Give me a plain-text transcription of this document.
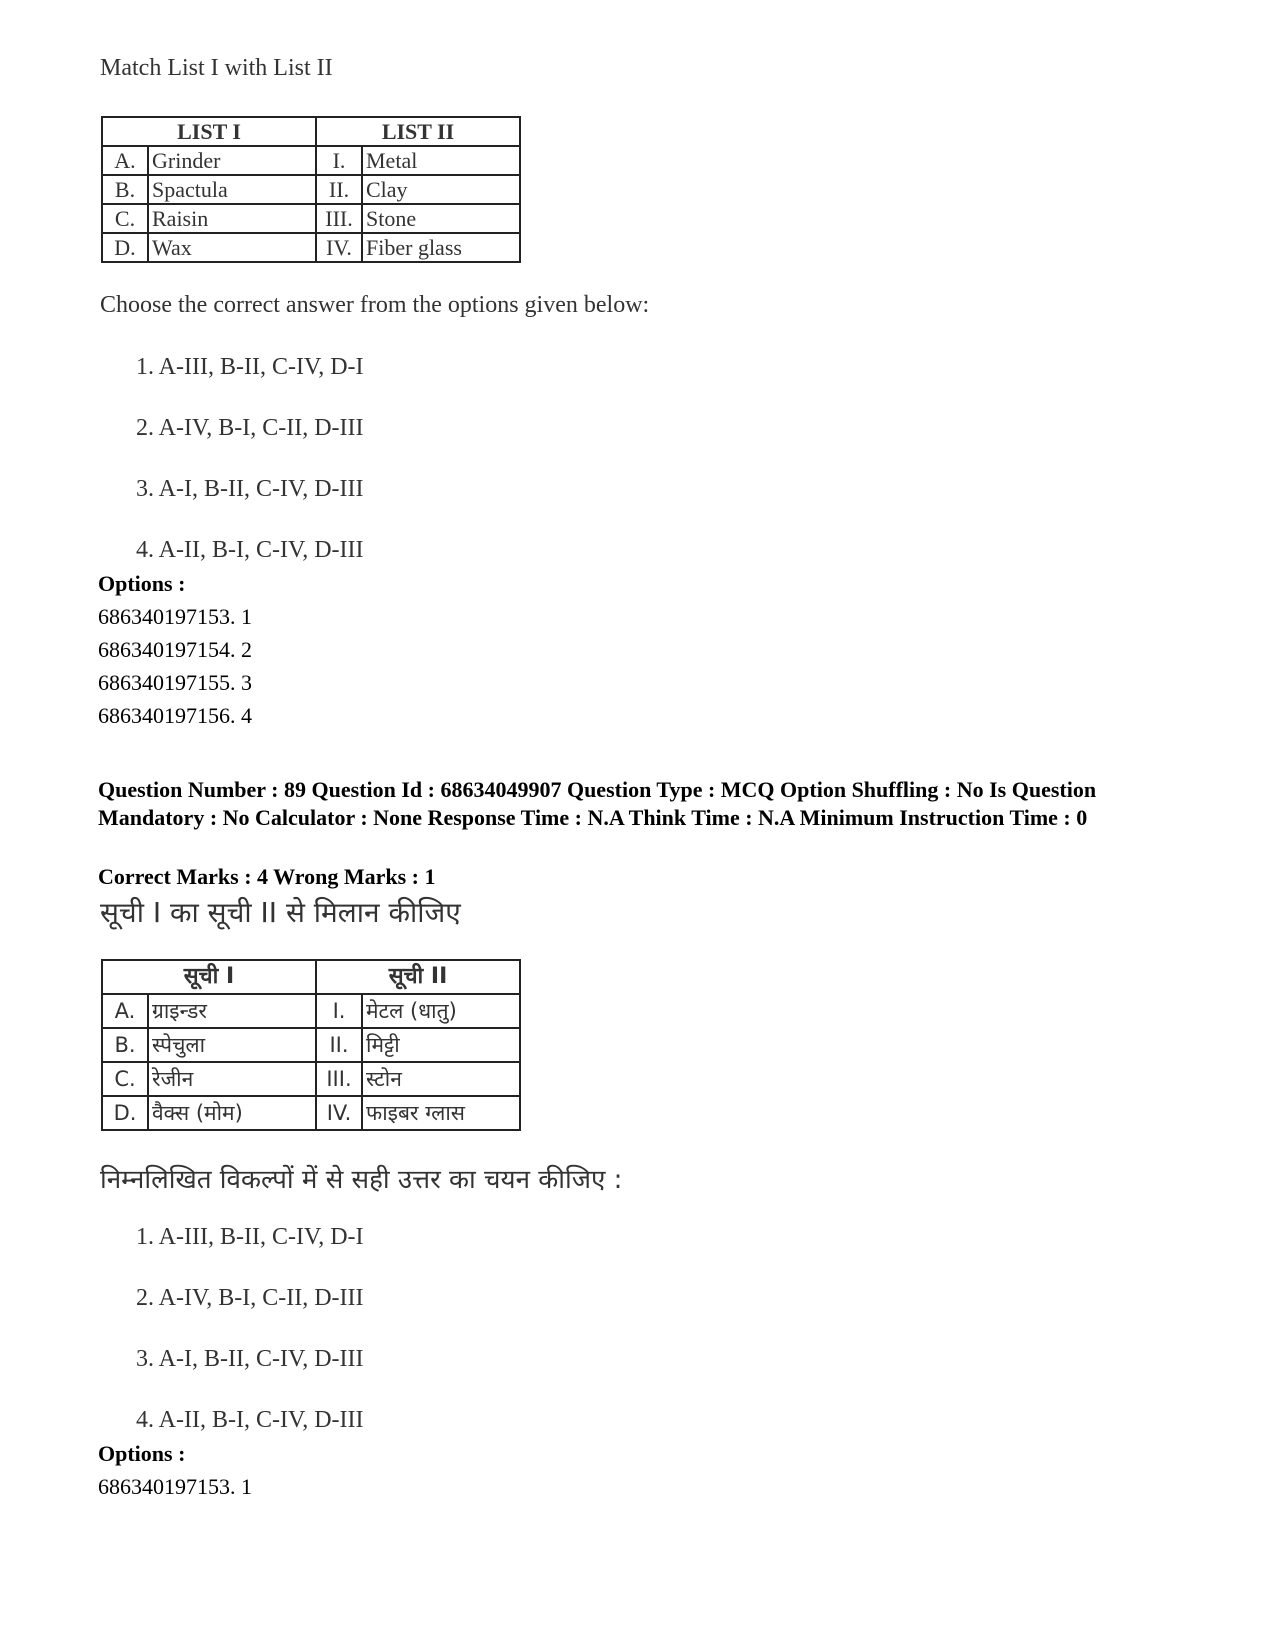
Match List I with List II
LIST I		LIST II	
A.	Grinder	I.	Metal
B.	Spactula	II.	Clay
C.	Raisin	III.	Stone
D.	Wax	IV.	Fiber glass
Choose the correct answer from the options given below:
1. A-III, B-II, C-IV, D-I
2. A-IV, B-I, C-II, D-III
3. A-I, B-II, C-IV, D-III
4. A-II, B-I, C-IV, D-III
Options :
686340197153. 1
686340197154. 2
686340197155. 3
686340197156. 4
Question Number : 89 Question Id : 68634049907 Question Type : MCQ Option Shuffling : No Is Question Mandatory : No Calculator : None Response Time : N.A Think Time : N.A Minimum Instruction Time : 0
Correct Marks : 4 Wrong Marks : 1
सूची I का सूची II से मिलान कीजिए
सूची I		सूची II	
A.	ग्राइन्डर	I.	मेटल (धातु)
B.	स्पेचुला	II.	मिट्टी
C.	रेजीन	III.	स्टोन
D.	वैक्स (मोम)	IV.	फाइबर ग्लास
निम्नलिखित विकल्पों में से सही उत्तर का चयन कीजिए :
1. A-III, B-II, C-IV, D-I
2. A-IV, B-I, C-II, D-III
3. A-I, B-II, C-IV, D-III
4. A-II, B-I, C-IV, D-III
Options :
686340197153. 1
